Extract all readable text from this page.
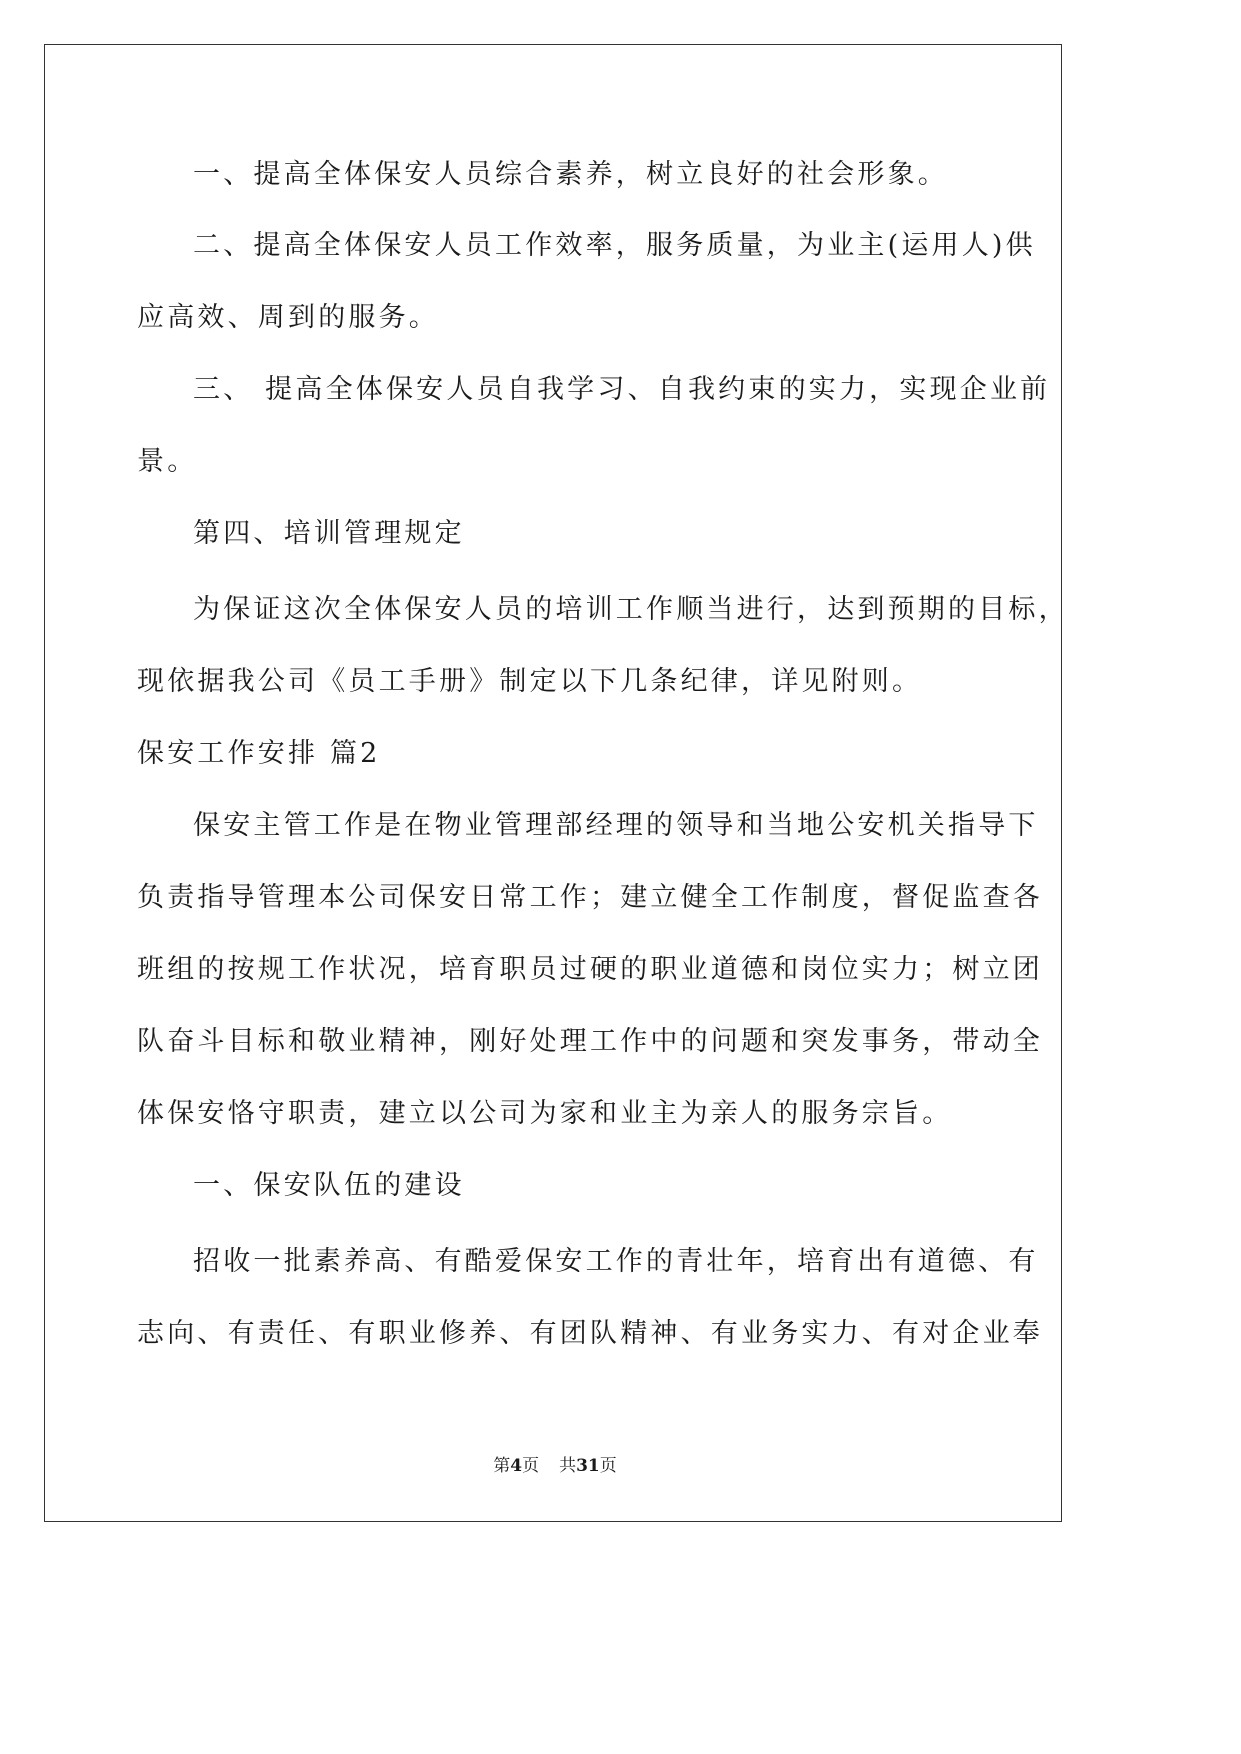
一、提高全体保安人员综合素养，树立良好的社会形象。
二、提高全体保安人员工作效率，服务质量，为业主(运用人)供
应高效、周到的服务。
三、 提高全体保安人员自我学习、自我约束的实力，实现企业前
景。
第四、培训管理规定
为保证这次全体保安人员的培训工作顺当进行，达到预期的目标，
现依据我公司《员工手册》制定以下几条纪律，详见附则。
保安工作安排 篇2
保安主管工作是在物业管理部经理的领导和当地公安机关指导下
负责指导管理本公司保安日常工作；建立健全工作制度，督促监查各
班组的按规工作状况，培育职员过硬的职业道德和岗位实力；树立团
队奋斗目标和敬业精神，刚好处理工作中的问题和突发事务，带动全
体保安恪守职责，建立以公司为家和业主为亲人的服务宗旨。
一、保安队伍的建设
招收一批素养高、有酷爱保安工作的青壮年，培育出有道德、有
志向、有责任、有职业修养、有团队精神、有业务实力、有对企业奉
第4页 共31页
